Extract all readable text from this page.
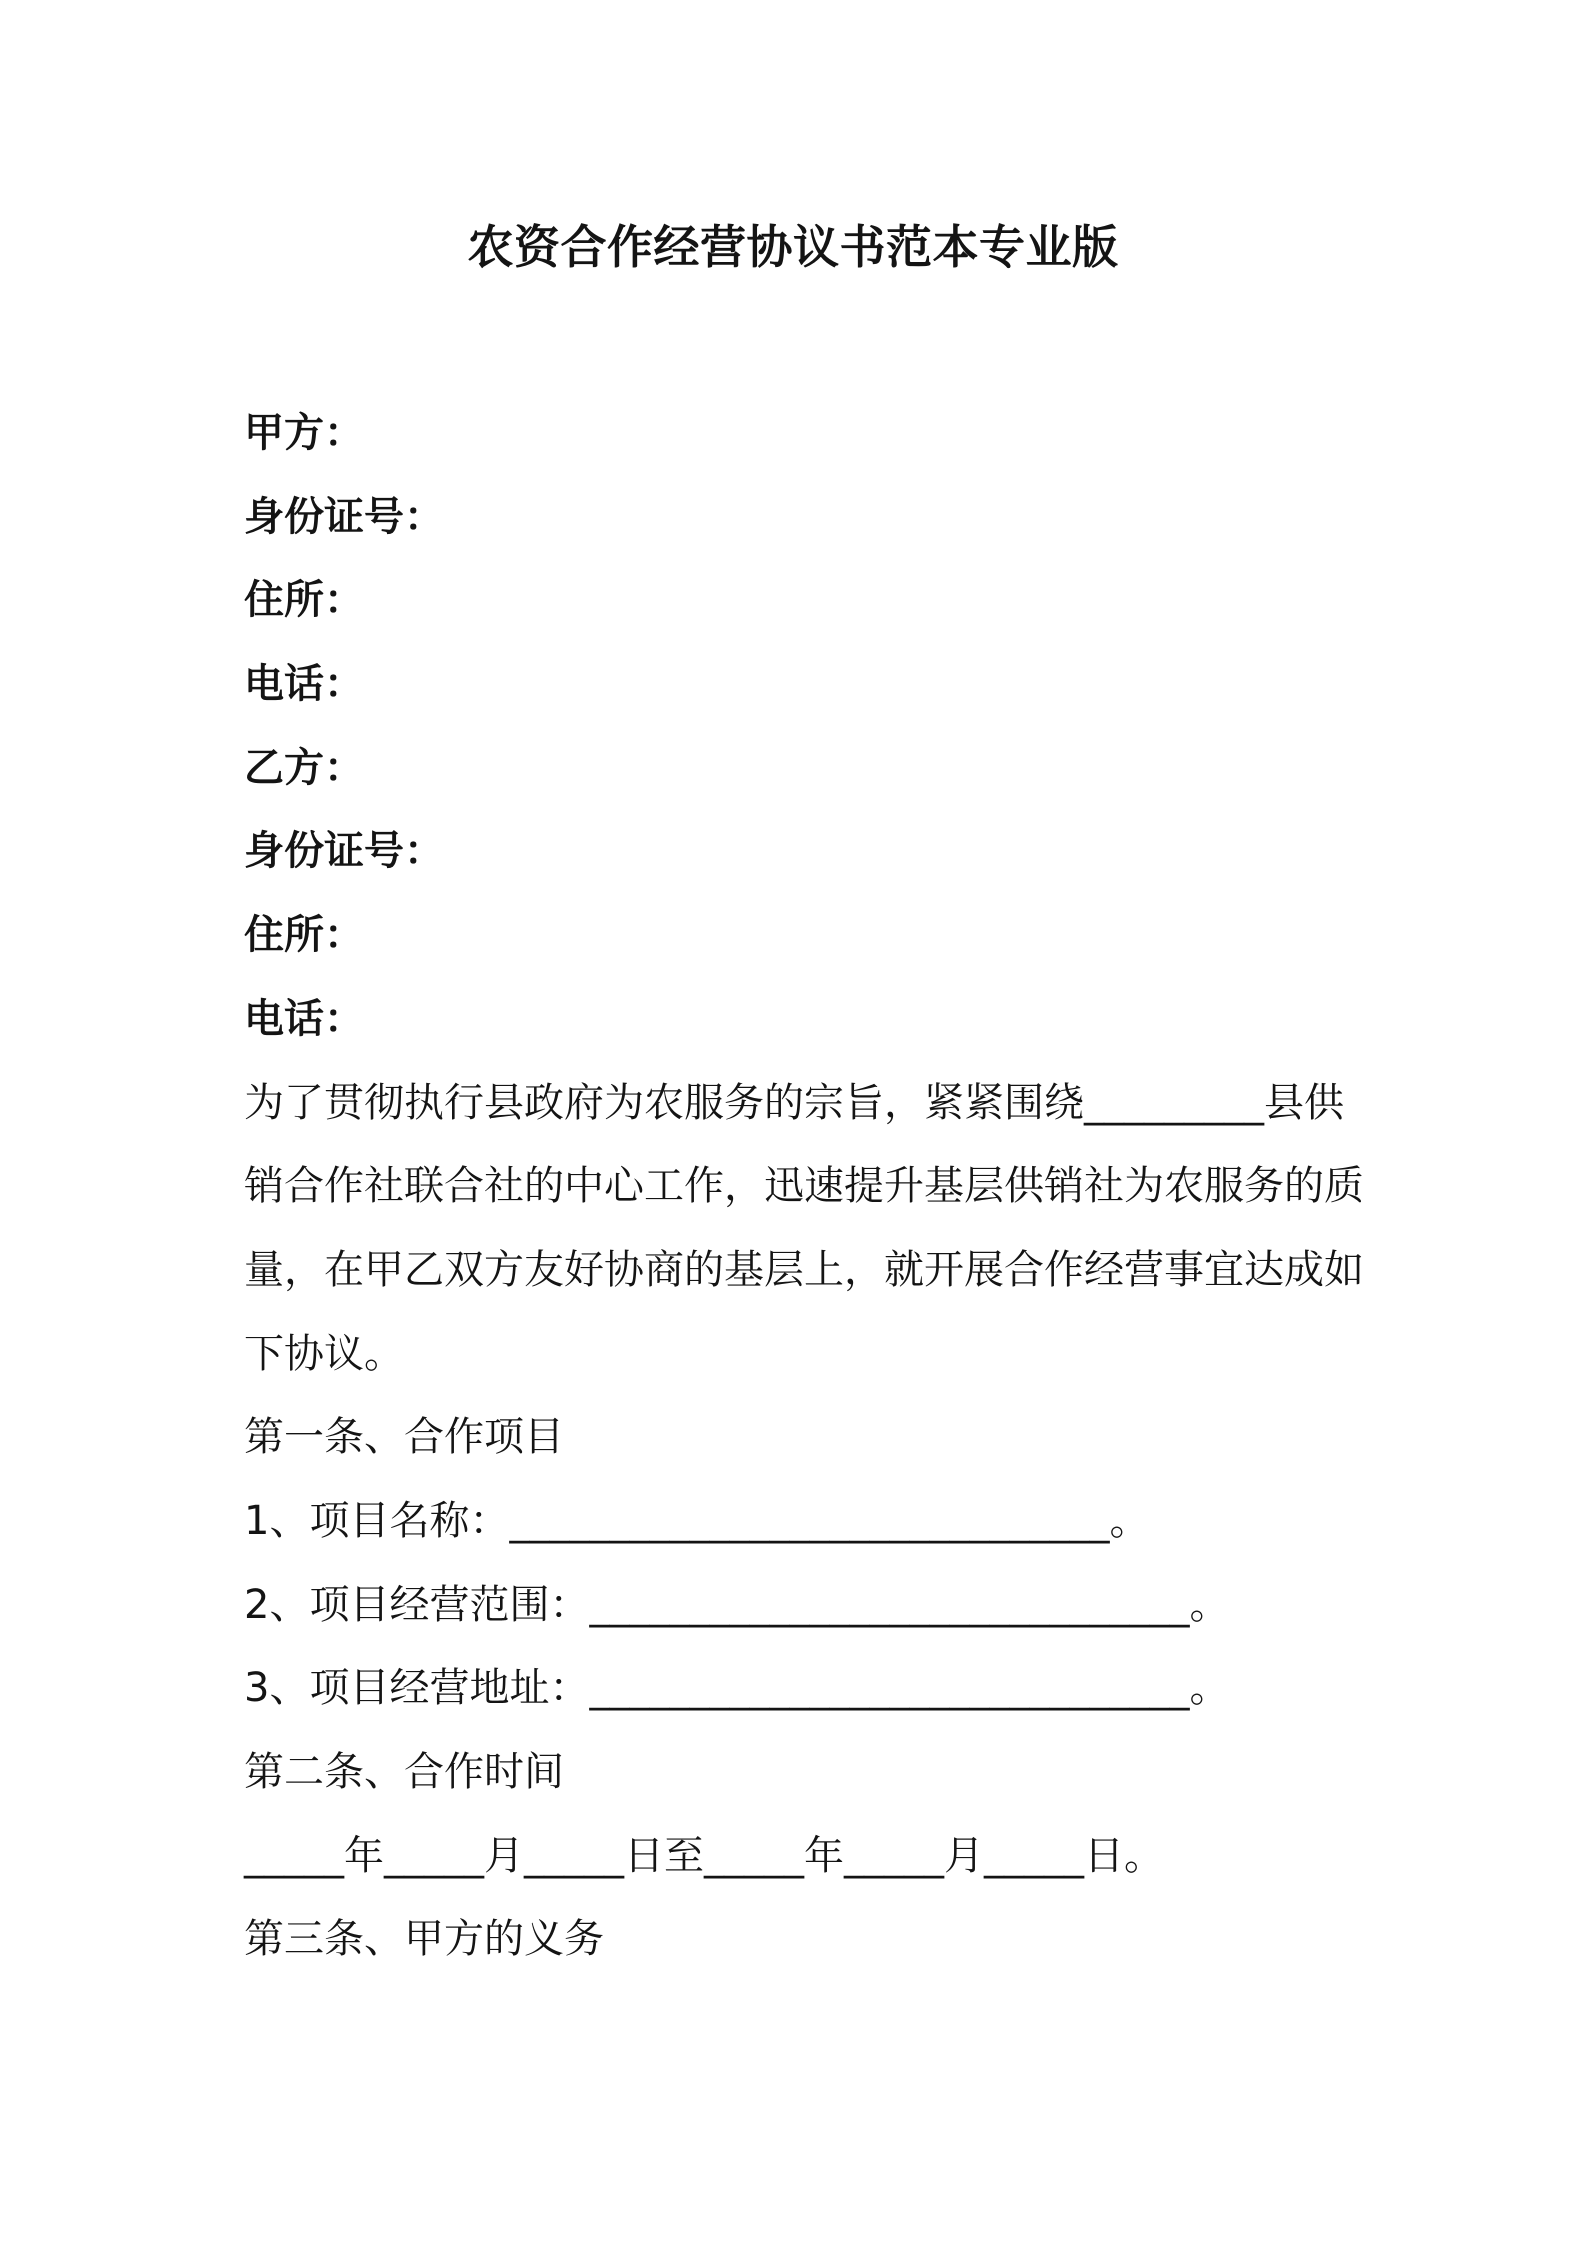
农资合作经营协议书范本专业版
甲方：
身份证号：
住所：
电话：
乙方：
身份证号：
住所：
电话：
为了贯彻执行县政府为农服务的宗旨，紧紧围绕_________县供
销合作社联合社的中心工作，迅速提升基层供销社为农服务的质
量，在甲乙双方友好协商的基层上，就开展合作经营事宜达成如
下协议。
第一条、合作项目
1、项目名称：______________________________。
2、项目经营范围：______________________________。
3、项目经营地址：______________________________。
第二条、合作时间
_____年_____月_____日至_____年_____月_____日。
第三条、甲方的义务
